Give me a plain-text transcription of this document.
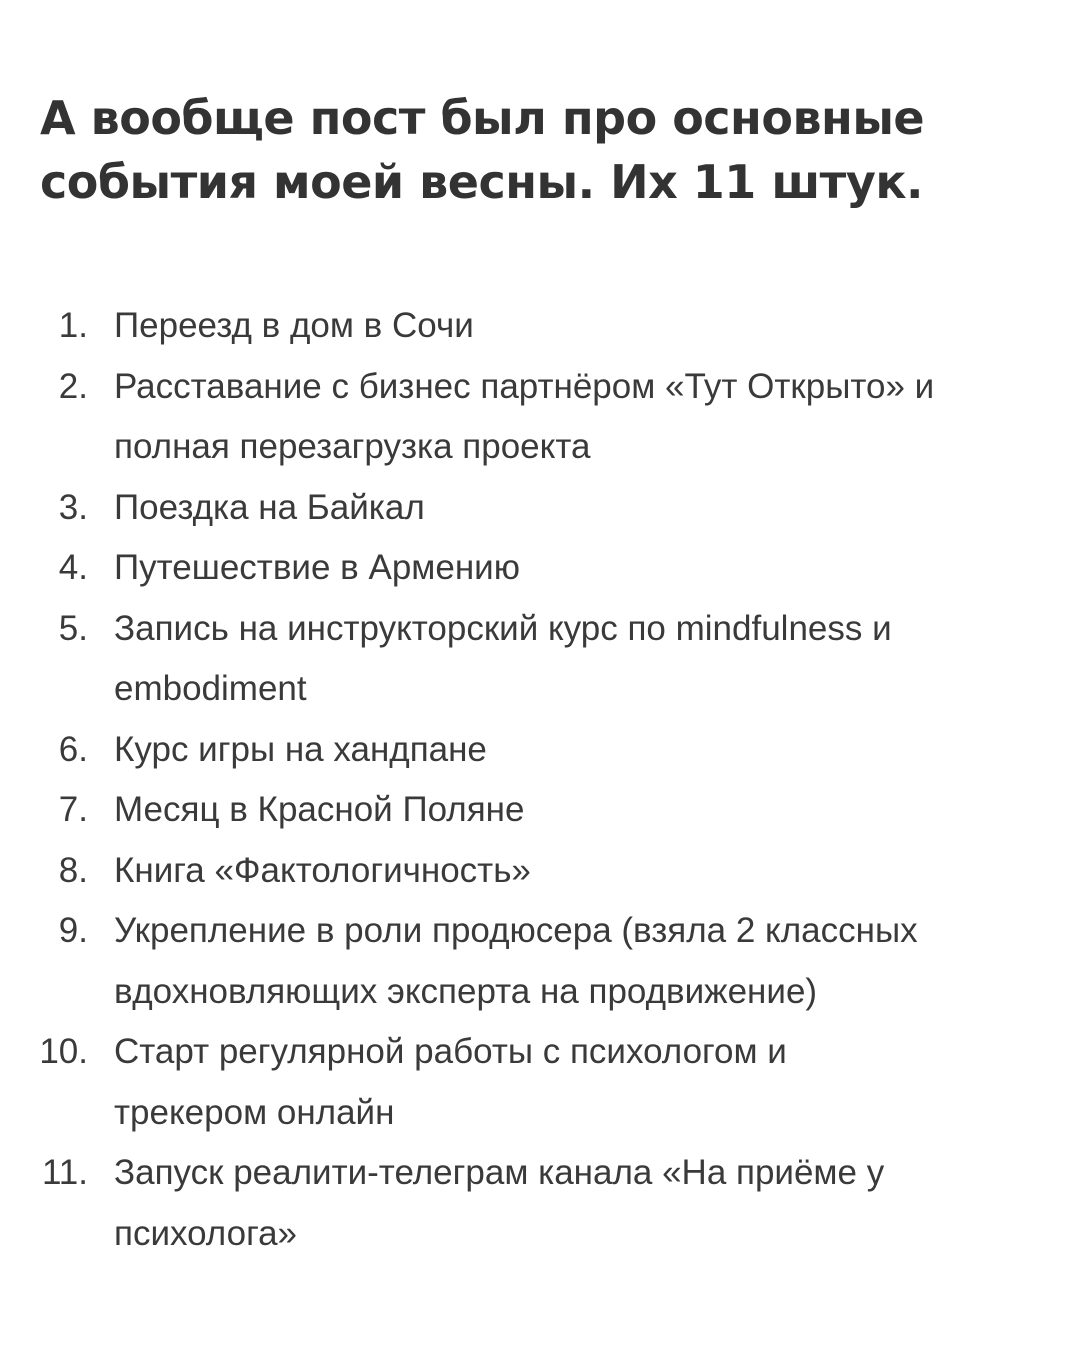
А вообще пост был про основные
события моей весны. Их 11 штук.
1. Переезд в дом в Сочи
2. Расставание с бизнес партнёром «Тут Открыто» и
полная перезагрузка проекта
3. Поездка на Байкал
4. Путешествие в Армению
5. Запись на инструкторский курс по mindfulness и
embodiment
6. Курс игры на хандпане
7. Месяц в Красной Поляне
8. Книга «Фактологичность»
9. Укрепление в роли продюсера (взяла 2 классных
вдохновляющих эксперта на продвижение)
10. Старт регулярной работы с психологом и
трекером онлайн
11. Запуск реалити-телеграм канала «На приёме у
психолога»
